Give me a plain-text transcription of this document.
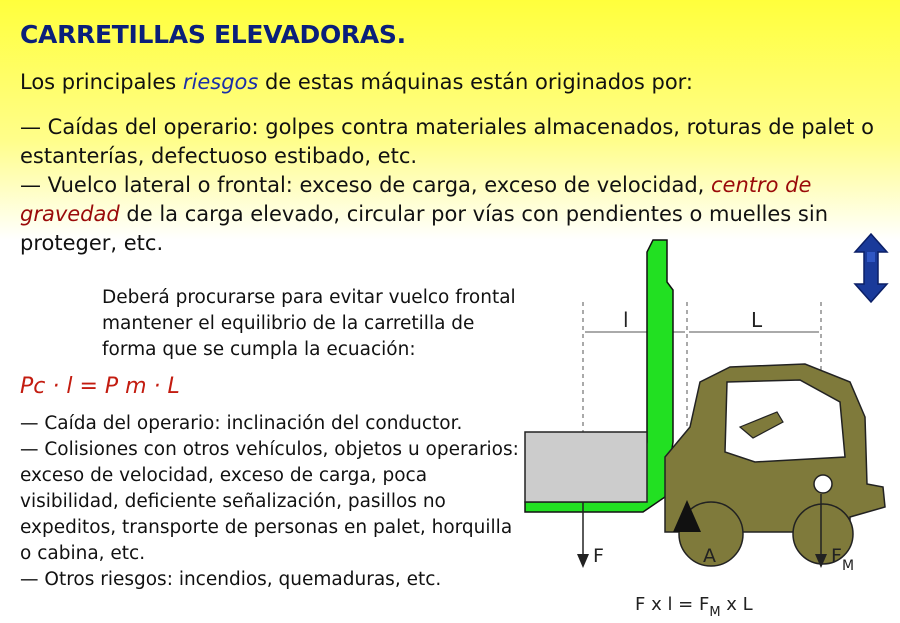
CARRETILLAS ELEVADORAS.
Los principales riesgos de estas máquinas están originados por:

— Caídas del operario: golpes contra materiales almacenados, roturas de palet o estanterías, defectuoso estibado, etc.

— Vuelco lateral o frontal: exceso de carga, exceso de velocidad, centro de gravedad de la carga elevado, circular por vías con pendientes o muelles sin proteger, etc.

Deberá procurarse para evitar vuelco frontal mantener el equilibrio de la carretilla de forma que se cumpla la ecuación:

Pc · l = P m · L

— Caída del operario: inclinación del conductor.

— Colisiones con otros vehículos, objetos u operarios: exceso de velocidad, exceso de carga, poca visibilidad, deficiente señalización, pasillos no expeditos, transporte de personas en palet, horquilla o cabina, etc.

— Otros riesgos: incendios, quemaduras, etc.

l	L
F	A	$F_M$
F x $l = F_M$ x L
